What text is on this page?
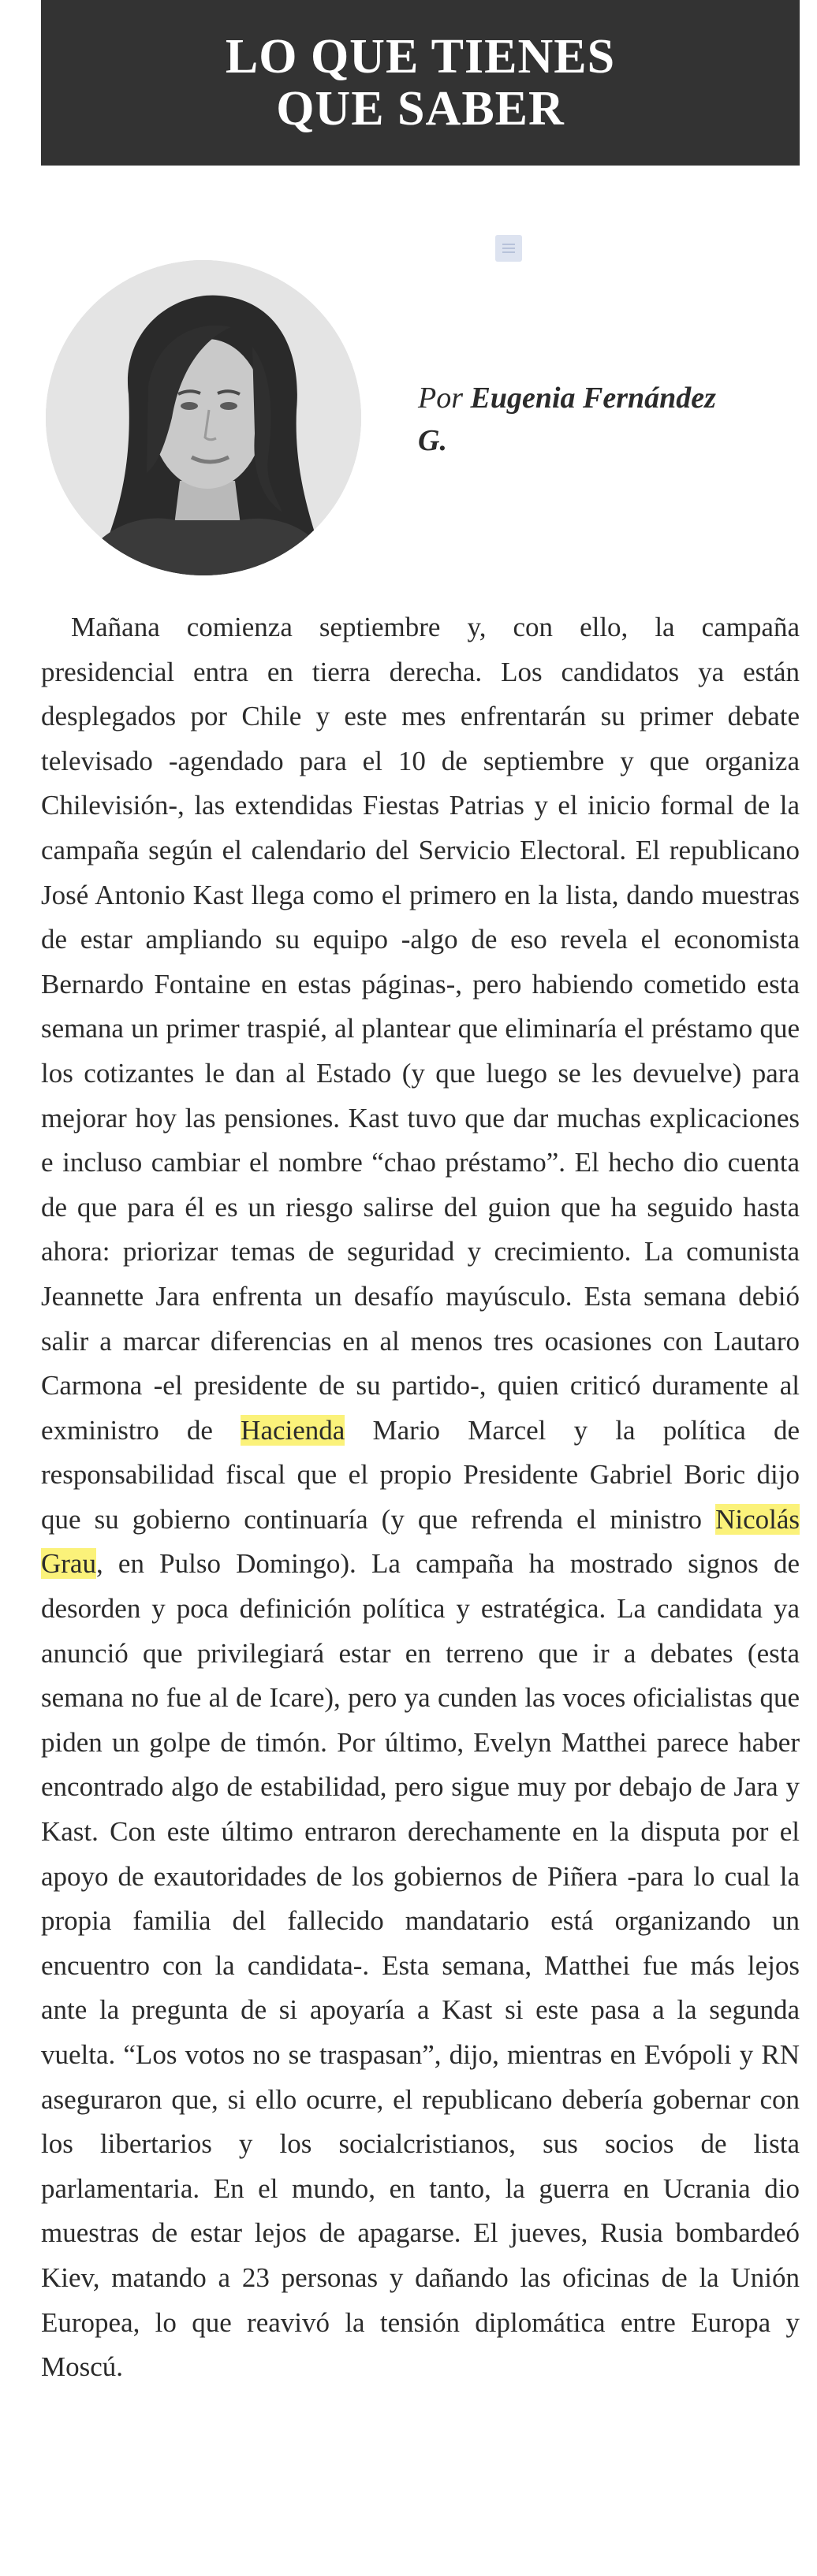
LO QUE TIENES
QUE SABER
Por Eugenia Fernández G.

Mañana comienza septiembre y, con ello, la campaña presidencial entra en tierra derecha. Los candidatos ya están desplegados por Chile y este mes enfrentarán su primer debate televisado -agendado para el 10 de septiembre y que organiza Chilevisión-, las extendidas Fiestas Patrias y el inicio formal de la campaña según el calendario del Servicio Electoral. El republicano José Antonio Kast llega como el primero en la lista, dando muestras de estar ampliando su equipo -algo de eso revela el economista Bernardo Fontaine en estas páginas-, pero habiendo cometido esta semana un primer traspié, al plantear que eliminaría el préstamo que los cotizantes le dan al Estado (y que luego se les devuelve) para mejorar hoy las pensiones. Kast tuvo que dar muchas explicaciones e incluso cambiar el nombre “chao préstamo”. El hecho dio cuenta de que para él es un riesgo salirse del guion que ha seguido hasta ahora: priorizar temas de seguridad y crecimiento. La comunista Jeannette Jara enfrenta un desafío mayúsculo. Esta semana debió salir a marcar diferencias en al menos tres ocasiones con Lautaro Carmona -el presidente de su partido-, quien criticó duramente al exministro de Hacienda Mario Marcel y la política de responsabilidad fiscal que el propio Presidente Gabriel Boric dijo que su gobierno continuaría (y que refrenda el ministro Nicolás Grau, en Pulso Domingo). La campaña ha mostrado signos de desorden y poca definición política y estratégica. La candidata ya anunció que privilegiará estar en terreno que ir a debates (esta semana no fue al de Icare), pero ya cunden las voces oficialistas que piden un golpe de timón. Por último, Evelyn Matthei parece haber encontrado algo de estabilidad, pero sigue muy por debajo de Jara y Kast. Con este último entraron derechamente en la disputa por el apoyo de exautoridades de los gobiernos de Piñera -para lo cual la propia familia del fallecido mandatario está organizando un encuentro con la candidata-. Esta semana, Matthei fue más lejos ante la pregunta de si apoyaría a Kast si este pasa a la segunda vuelta. “Los votos no se traspasan”, dijo, mientras en Evópoli y RN aseguraron que, si ello ocurre, el republicano debería gobernar con los libertarios y los socialcristianos, sus socios de lista parlamentaria. En el mundo, en tanto, la guerra en Ucrania dio muestras de estar lejos de apagarse. El jueves, Rusia bombardeó Kiev, matando a 23 personas y dañando las oficinas de la Unión Europea, lo que reavivó la tensión diplomática entre Europa y Moscú.
